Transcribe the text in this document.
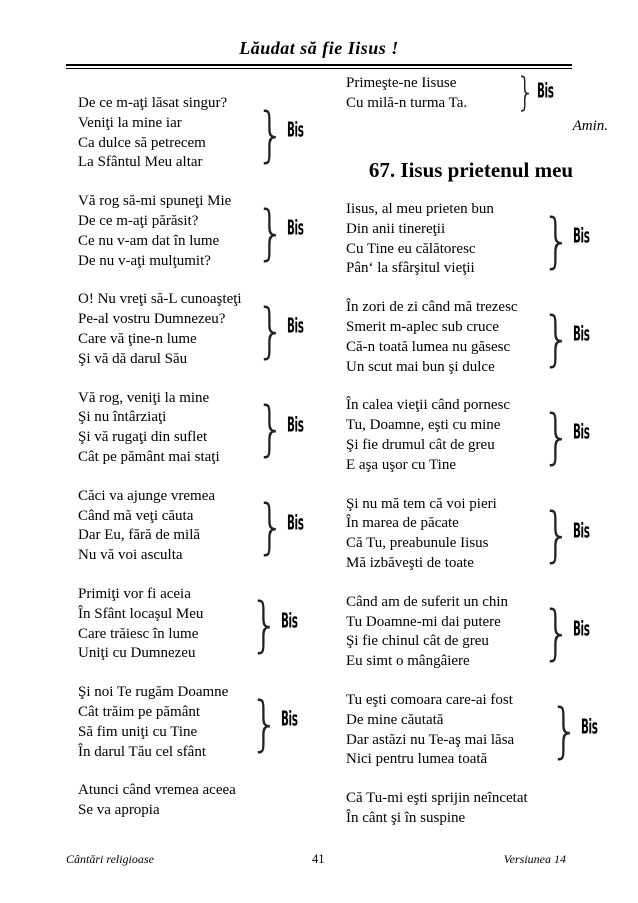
Lăudat să fie Iisus !
De ce m-aţi lăsat singur?
Veniţi la mine iar
Ca dulce să petrecem
La Sfântul Meu altar	} Bis
Vă rog să-mi spuneţi Mie
De ce m-aţi părăsit?
Ce nu v-am dat în lume
De nu v-aţi mulţumit? } Bis
O! Nu vreţi să-L cunoaşteţi
Pe-al vostru Dumnezeu?
Care vă ţine-n lume
Şi vă dă darul Său	} Bis
Vă rog, veniţi la mine
Şi nu întârziaţi
Şi vă rugaţi din suflet
Cât pe pământ mai staţi } Bis
Căci va ajunge vremea
Când mă veţi căuta
Dar Eu, fără de milă
Nu vă voi asculta	} Bis
Primiţi vor fi aceia
În Sfânt locaşul Meu
Care trăiesc în lume
Uniţi cu Dumnezeu	} Bis
Şi noi Te rugăm Doamne
Cât trăim pe pământ
Să fim uniţi cu Tine
În darul Tău cel sfânt } Bis
Atunci când vremea aceea
Se va apropia
Primeşte-ne Iisuse
Cu milă-n turma Ta.	} Bis
Amin.
67. Iisus prietenul meu
Iisus, al meu prieten bun
Din anii tinereţii
Cu Tine eu călătoresc
Pân‘ la sfârşitul vieţii	} Bis
În zori de zi când mă trezesc
Smerit m-aplec sub cruce
Că-n toată lumea nu găsesc
Un scut mai bun şi dulce	} Bis
În calea vieţii când pornesc
Tu, Doamne, eşti cu mine
Şi fie drumul cât de greu
E aşa uşor cu Tine	} Bis
Şi nu mă tem că voi pieri
În marea de păcate
Că Tu, preabunule Iisus
Mă izbăveşti de toate	} Bis
Când am de suferit un chin
Tu Doamne-mi dai putere
Şi fie chinul cât de greu
Eu simt o mângâiere	} Bis
Tu eşti comoara care-ai fost
De mine căutată
Dar astăzi nu Te-aş mai lăsa
Nici pentru lumea toată	} Bis
Că Tu-mi eşti sprijin neîncetat
În cânt şi în suspine
Cântări religioase	41	Versiunea 14
